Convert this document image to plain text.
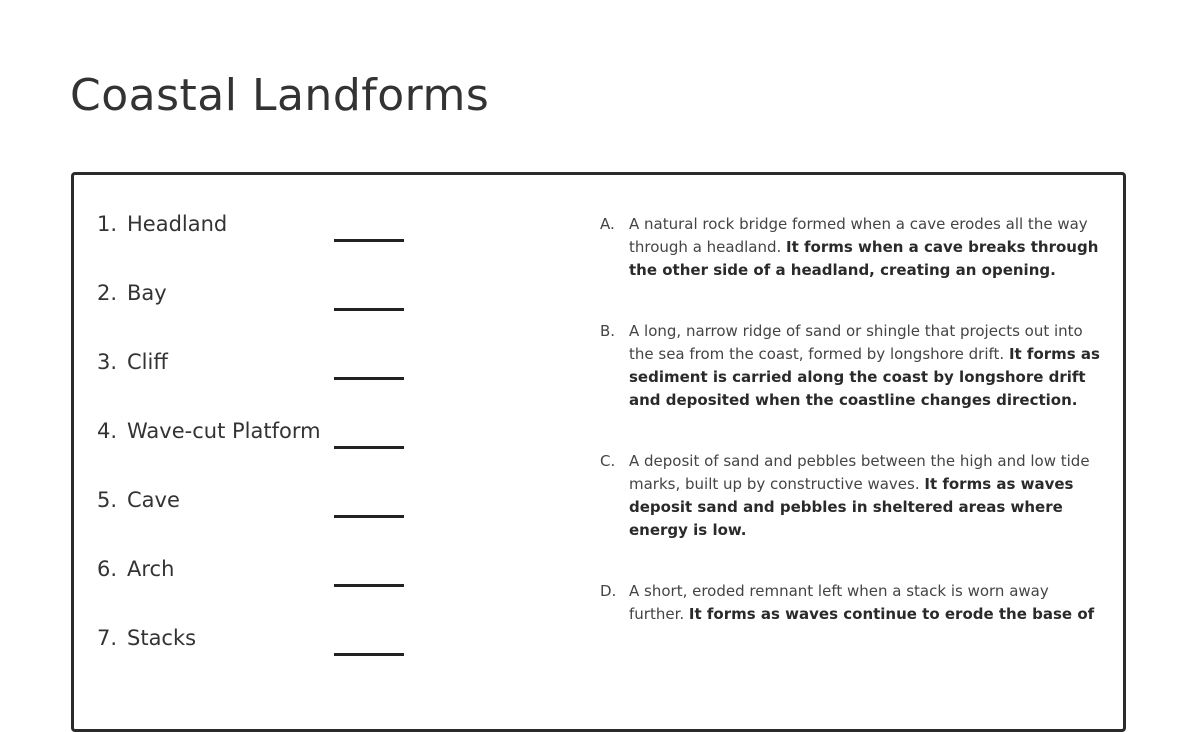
Coastal Landforms
1. Headland
2. Bay
3. Cliff
4. Wave-cut Platform
5. Cave
6. Arch
7. Stacks
A. A natural rock bridge formed when a cave erodes all the way through a headland. It forms when a cave breaks through the other side of a headland, creating an opening.
B. A long, narrow ridge of sand or shingle that projects out into the sea from the coast, formed by longshore drift. It forms as sediment is carried along the coast by longshore drift and deposited when the coastline changes direction.
C. A deposit of sand and pebbles between the high and low tide marks, built up by constructive waves. It forms as waves deposit sand and pebbles in sheltered areas where energy is low.
D. A short, eroded remnant left when a stack is worn away further. It forms as waves continue to erode the base of
